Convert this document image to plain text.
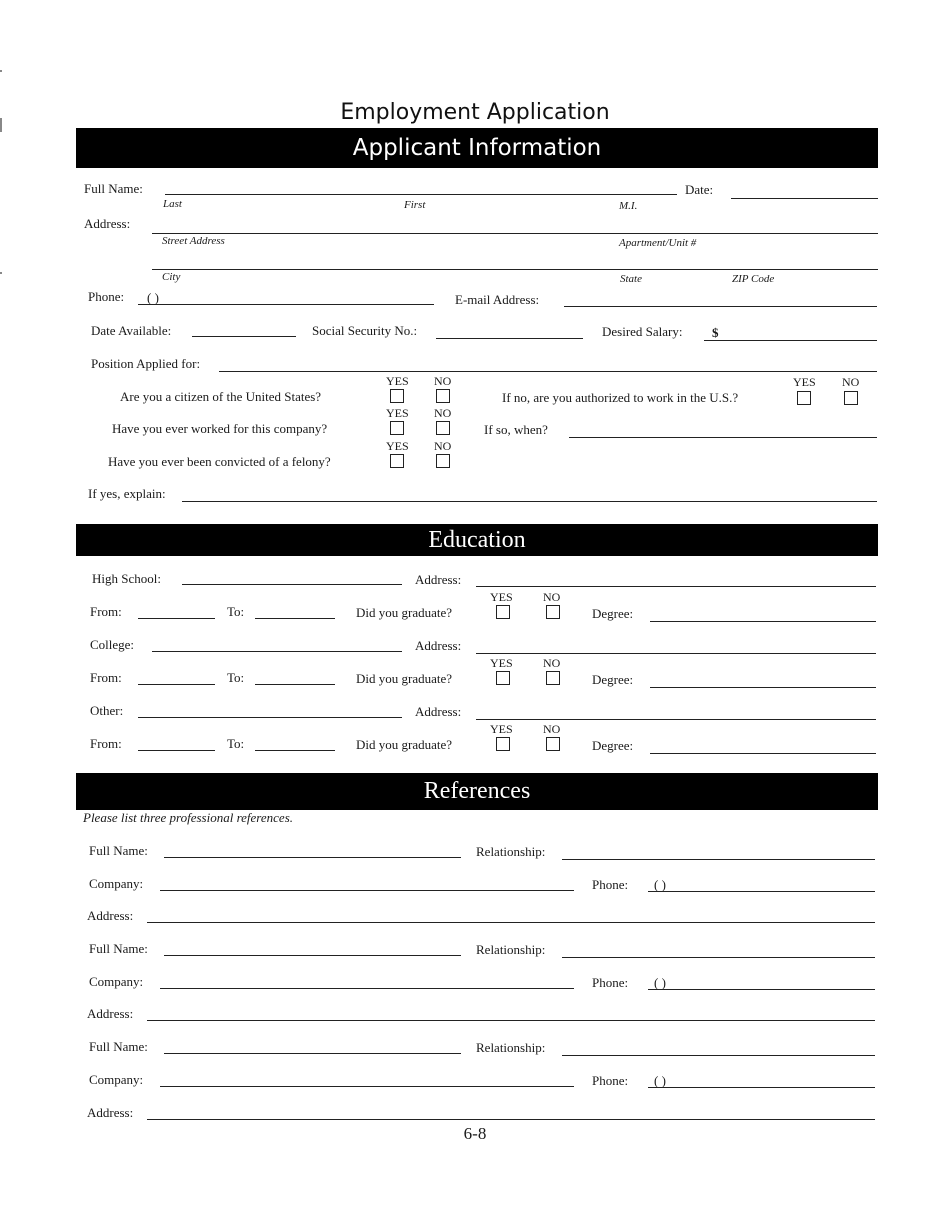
Employment Application
Applicant Information
Full Name:
Last	First	M.I.
Date:
Address:
Street Address	Apartment/Unit #
City	State	ZIP Code
Phone: ( )	E-mail Address:
Date Available:	Social Security No.:	Desired Salary: $
Position Applied for:
YES NO
Are you a citizen of the United States?	If no, are you authorized to work in the U.S.?
YES NO
YES NO
Have you ever worked for this company?	If so, when?
YES NO
Have you ever been convicted of a felony?
If yes, explain:
Education
High School:	Address:
From:	To:	Did you graduate?
YES	NO
Degree:
College:	Address:
From:	To:	Did you graduate?
YES	NO
Degree:
Other:	Address:
From:	To:	Did you graduate?
YES	NO
Degree:
References
Please list three professional references.
Full Name:	Relationship:
Company:	Phone: ( )
Address:
Full Name:	Relationship:
Company:	Phone: ( )
Address:
Full Name:	Relationship:
Company:	Phone: ( )
Address:
6-8
